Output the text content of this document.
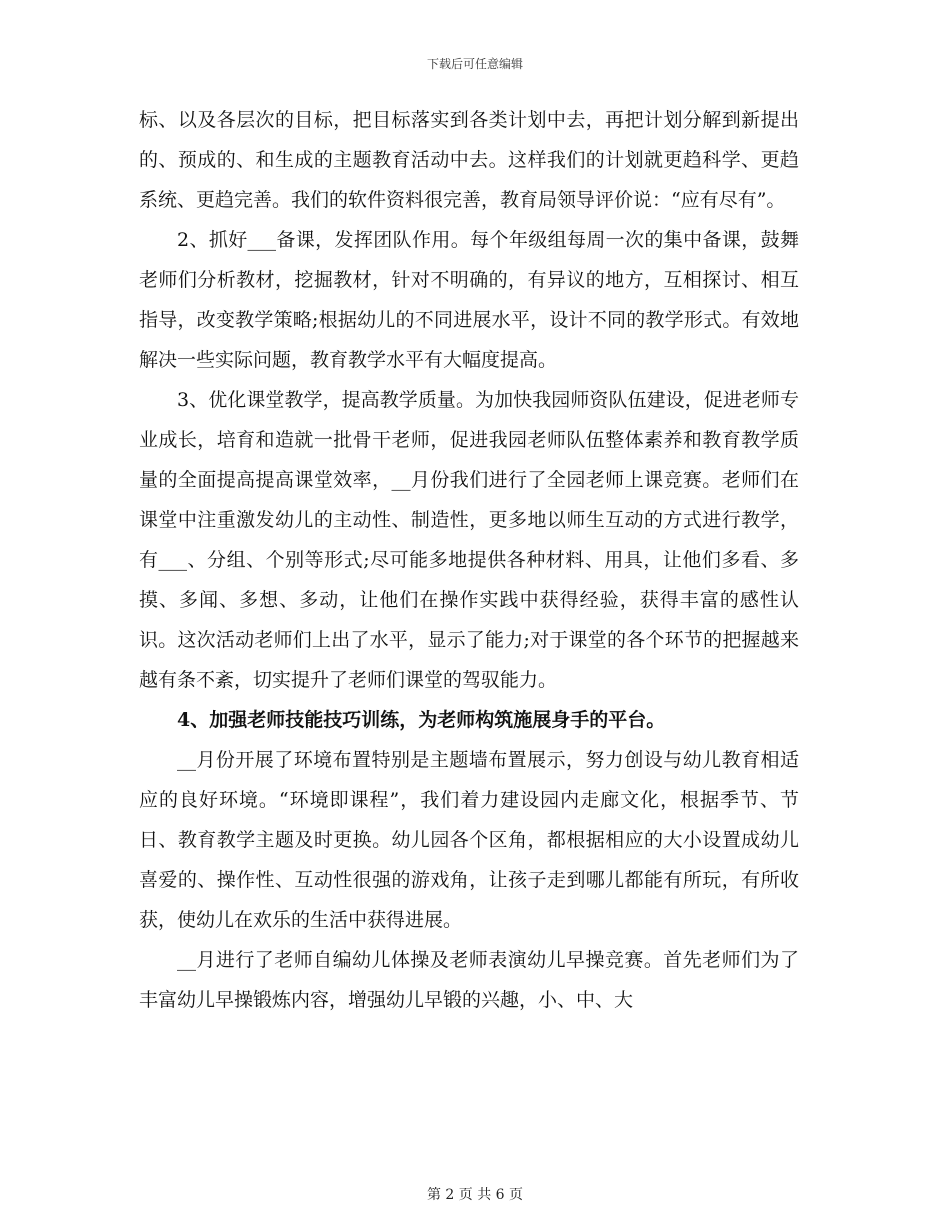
下载后可任意编辑

标、以及各层次的目标，把目标落实到各类计划中去，再把计划分解到新提出的、预成的、和生成的主题教育活动中去。这样我们的计划就更趋科学、更趋系统、更趋完善。我们的软件资料很完善，教育局领导评价说：“应有尽有”。

2、抓好___备课，发挥团队作用。每个年级组每周一次的集中备课，鼓舞老师们分析教材，挖掘教材，针对不明确的，有异议的地方，互相探讨、相互指导，改变教学策略;根据幼儿的不同进展水平，设计不同的教学形式。有效地解决一些实际问题，教育教学水平有大幅度提高。

3、优化课堂教学，提高教学质量。为加快我园师资队伍建设，促进老师专业成长，培育和造就一批骨干老师，促进我园老师队伍整体素养和教育教学质量的全面提高提高课堂效率，__月份我们进行了全园老师上课竞赛。老师们在课堂中注重激发幼儿的主动性、制造性，更多地以师生互动的方式进行教学，有___、分组、个别等形式;尽可能多地提供各种材料、用具，让他们多看、多摸、多闻、多想、多动，让他们在操作实践中获得经验，获得丰富的感性认识。这次活动老师们上出了水平，显示了能力;对于课堂的各个环节的把握越来越有条不紊，切实提升了老师们课堂的驾驭能力。

4、加强老师技能技巧训练，为老师构筑施展身手的平台。

__月份开展了环境布置特别是主题墙布置展示，努力创设与幼儿教育相适应的良好环境。“环境即课程”，我们着力建设园内走廊文化，根据季节、节日、教育教学主题及时更换。幼儿园各个区角，都根据相应的大小设置成幼儿喜爱的、操作性、互动性很强的游戏角，让孩子走到哪儿都能有所玩，有所收获，使幼儿在欢乐的生活中获得进展。

__月进行了老师自编幼儿体操及老师表演幼儿早操竞赛。首先老师们为了丰富幼儿早操锻炼内容，增强幼儿早锻的兴趣，小、中、大

第 2 页 共 6 页
